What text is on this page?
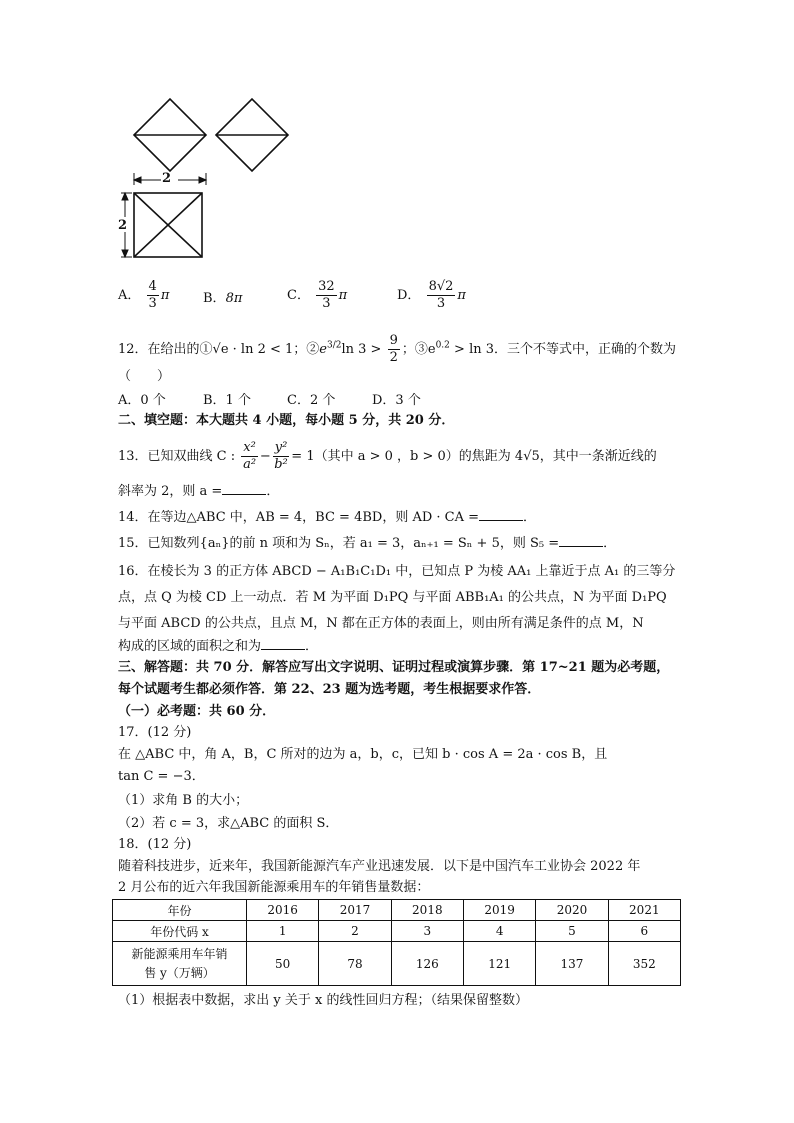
2
2
A． $\frac{4}{3}$ π	B．8π	C． $\frac{32}{3}$ π	D． $\frac{8√2}{3}$ π
12．在给出的①√e · ln 2 < 1；$②e^{3/2}\ln$ $3 > \frac{9}{2}$ ；$③e^{0.2} > \ln 3$．三个不等式中，正确的个数为
（　　）
A．0 个	B．1 个	C．2 个	D．3 个
二、填空题：本大题共 4 小题，每小题 5 分，共 20 分．
13．已知双曲线 C : $\frac{\text{x²}}{\text{a²}} - \frac{\text{y²}}{\text{b²}} = 1$（其中 a > 0 ，b > 0）的焦距为 4√5，其中一条渐近线的
斜率为 2，则 a =	．
14．在等边△ABC 中，AB = 4，BC = 4BD，则 AD · CA =	．
15．已知数列{aₙ}的前 n 项和为 Sₙ，若 a₁ = 3，aₙ₊₁ = Sₙ + 5，则 S₅ =	．
16．在棱长为 3 的正方体 ABCD − A₁B₁C₁D₁ 中，已知点 P 为棱 AA₁ 上靠近于点 A₁ 的三等分
点，点 Q 为棱 CD 上一动点．若 M 为平面 D₁PQ 与平面 ABB₁A₁ 的公共点，N 为平面 D₁PQ
与平面 ABCD 的公共点，且点 M，N 都在正方体的表面上，则由所有满足条件的点 M，N
构成的区域的面积之和为	．
三、解答题：共 70 分．解答应写出文字说明、证明过程或演算步骤．第 17~21 题为必考题，
每个试题考生都必须作答．第 22、23 题为选考题，考生根据要求作答．
（一）必考题：共 60 分．
17．(12 分)
在 △ABC 中，角 A，B，C 所对的边为 a，b，c，已知 b · cos A = 2a · cos B，且
tan C = −3．
（1）求角 B 的大小；
（2）若 c = 3，求△ABC 的面积 S．
18．(12 分)
随着科技进步，近来年，我国新能源汽车产业迅速发展．以下是中国汽车工业协会 2022 年
2 月公布的近六年我国新能源乘用车的年销售量数据：
年份	2016	2017	2018	2019	2020	2021
年份代码 x	1	2	3	4	5	6

新能源乘用车年销
售 y（万辆）	50	78	126	121	137	352
（1）根据表中数据，求出 y 关于 x 的线性回归方程；（结果保留整数）
